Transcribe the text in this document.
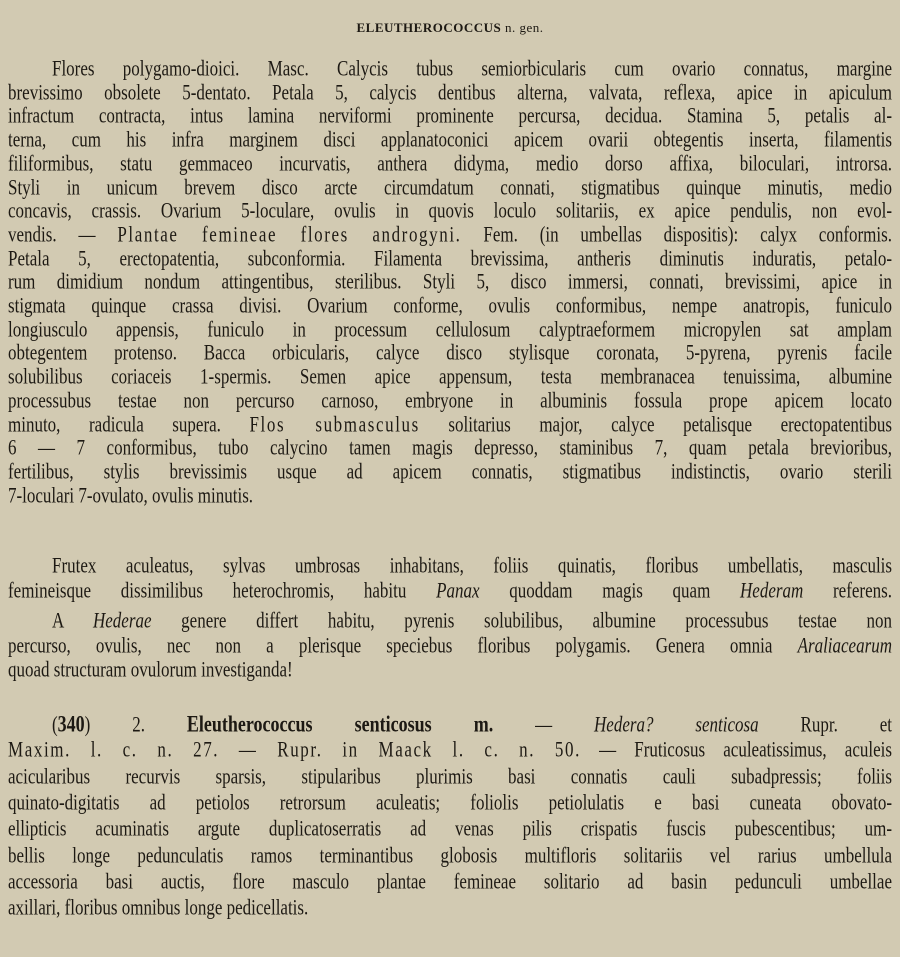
ELEUTHEROCOCCUS n. gen.
Flores polygamo-dioici. Masc. Calycis tubus semiorbicularis cum ovario connatus, margine
brevissimo obsolete 5-dentato. Petala 5, calycis dentibus alterna, valvata, reflexa, apice in apiculum
infractum contracta, intus lamina nerviformi prominente percursa, decidua. Stamina 5, petalis al-
terna, cum his infra marginem disci applanatoconici apicem ovarii obtegentis inserta, filamentis
filiformibus, statu gemmaceo incurvatis, anthera didyma, medio dorso affixa, biloculari, introrsa.
Styli in unicum brevem disco arcte circumdatum connati, stigmatibus quinque minutis, medio
concavis, crassis. Ovarium 5-loculare, ovulis in quovis loculo solitariis, ex apice pendulis, non evol-
vendis. — Plantae femineae flores androgyni. Fem. (in umbellas dispositis): calyx conformis.
Petala 5, erectopatentia, subconformia. Filamenta brevissima, antheris diminutis induratis, petalo-
rum dimidium nondum attingentibus, sterilibus. Styli 5, disco immersi, connati, brevissimi, apice in
stigmata quinque crassa divisi. Ovarium conforme, ovulis conformibus, nempe anatropis, funiculo
longiusculo appensis, funiculo in processum cellulosum calyptraeformem micropylen sat amplam
obtegentem protenso. Bacca orbicularis, calyce disco stylisque coronata, 5-pyrena, pyrenis facile
solubilibus coriaceis 1-spermis. Semen apice appensum, testa membranacea tenuissima, albumine
processubus testae non percurso carnoso, embryone in albuminis fossula prope apicem locato
minuto, radicula supera. Flos submasculus solitarius major, calyce petalisque erectopatentibus
6 — 7 conformibus, tubo calycino tamen magis depresso, staminibus 7, quam petala brevioribus,
fertilibus, stylis brevissimis usque ad apicem connatis, stigmatibus indistinctis, ovario sterili
7-loculari 7-ovulato, ovulis minutis.
Frutex aculeatus, sylvas umbrosas inhabitans, foliis quinatis, floribus umbellatis, masculis
femineisque dissimilibus heterochromis, habitu Panax quoddam magis quam Hederam referens.
A Hederae genere differt habitu, pyrenis solubilibus, albumine processubus testae non
percurso, ovulis, nec non a plerisque speciebus floribus polygamis. Genera omnia Araliacearum
quoad structuram ovulorum investiganda!
(340) 2. Eleutherococcus senticosus m. — Hedera? senticosa Rupr. et
Maxim. l. c. n. 27. — Rupr. in Maack l. c. n. 50. — Fruticosus aculeatissimus, aculeis
acicularibus recurvis sparsis, stipularibus plurimis basi connatis cauli subadpressis; foliis
quinato-digitatis ad petiolos retrorsum aculeatis; foliolis petiolulatis e basi cuneata obovato-
ellipticis acuminatis argute duplicatoserratis ad venas pilis crispatis fuscis pubescentibus; um-
bellis longe pedunculatis ramos terminantibus globosis multifloris solitariis vel rarius umbellula
accessoria basi auctis, flore masculo plantae femineae solitario ad basin pedunculi umbellae
axillari, floribus omnibus longe pedicellatis.
